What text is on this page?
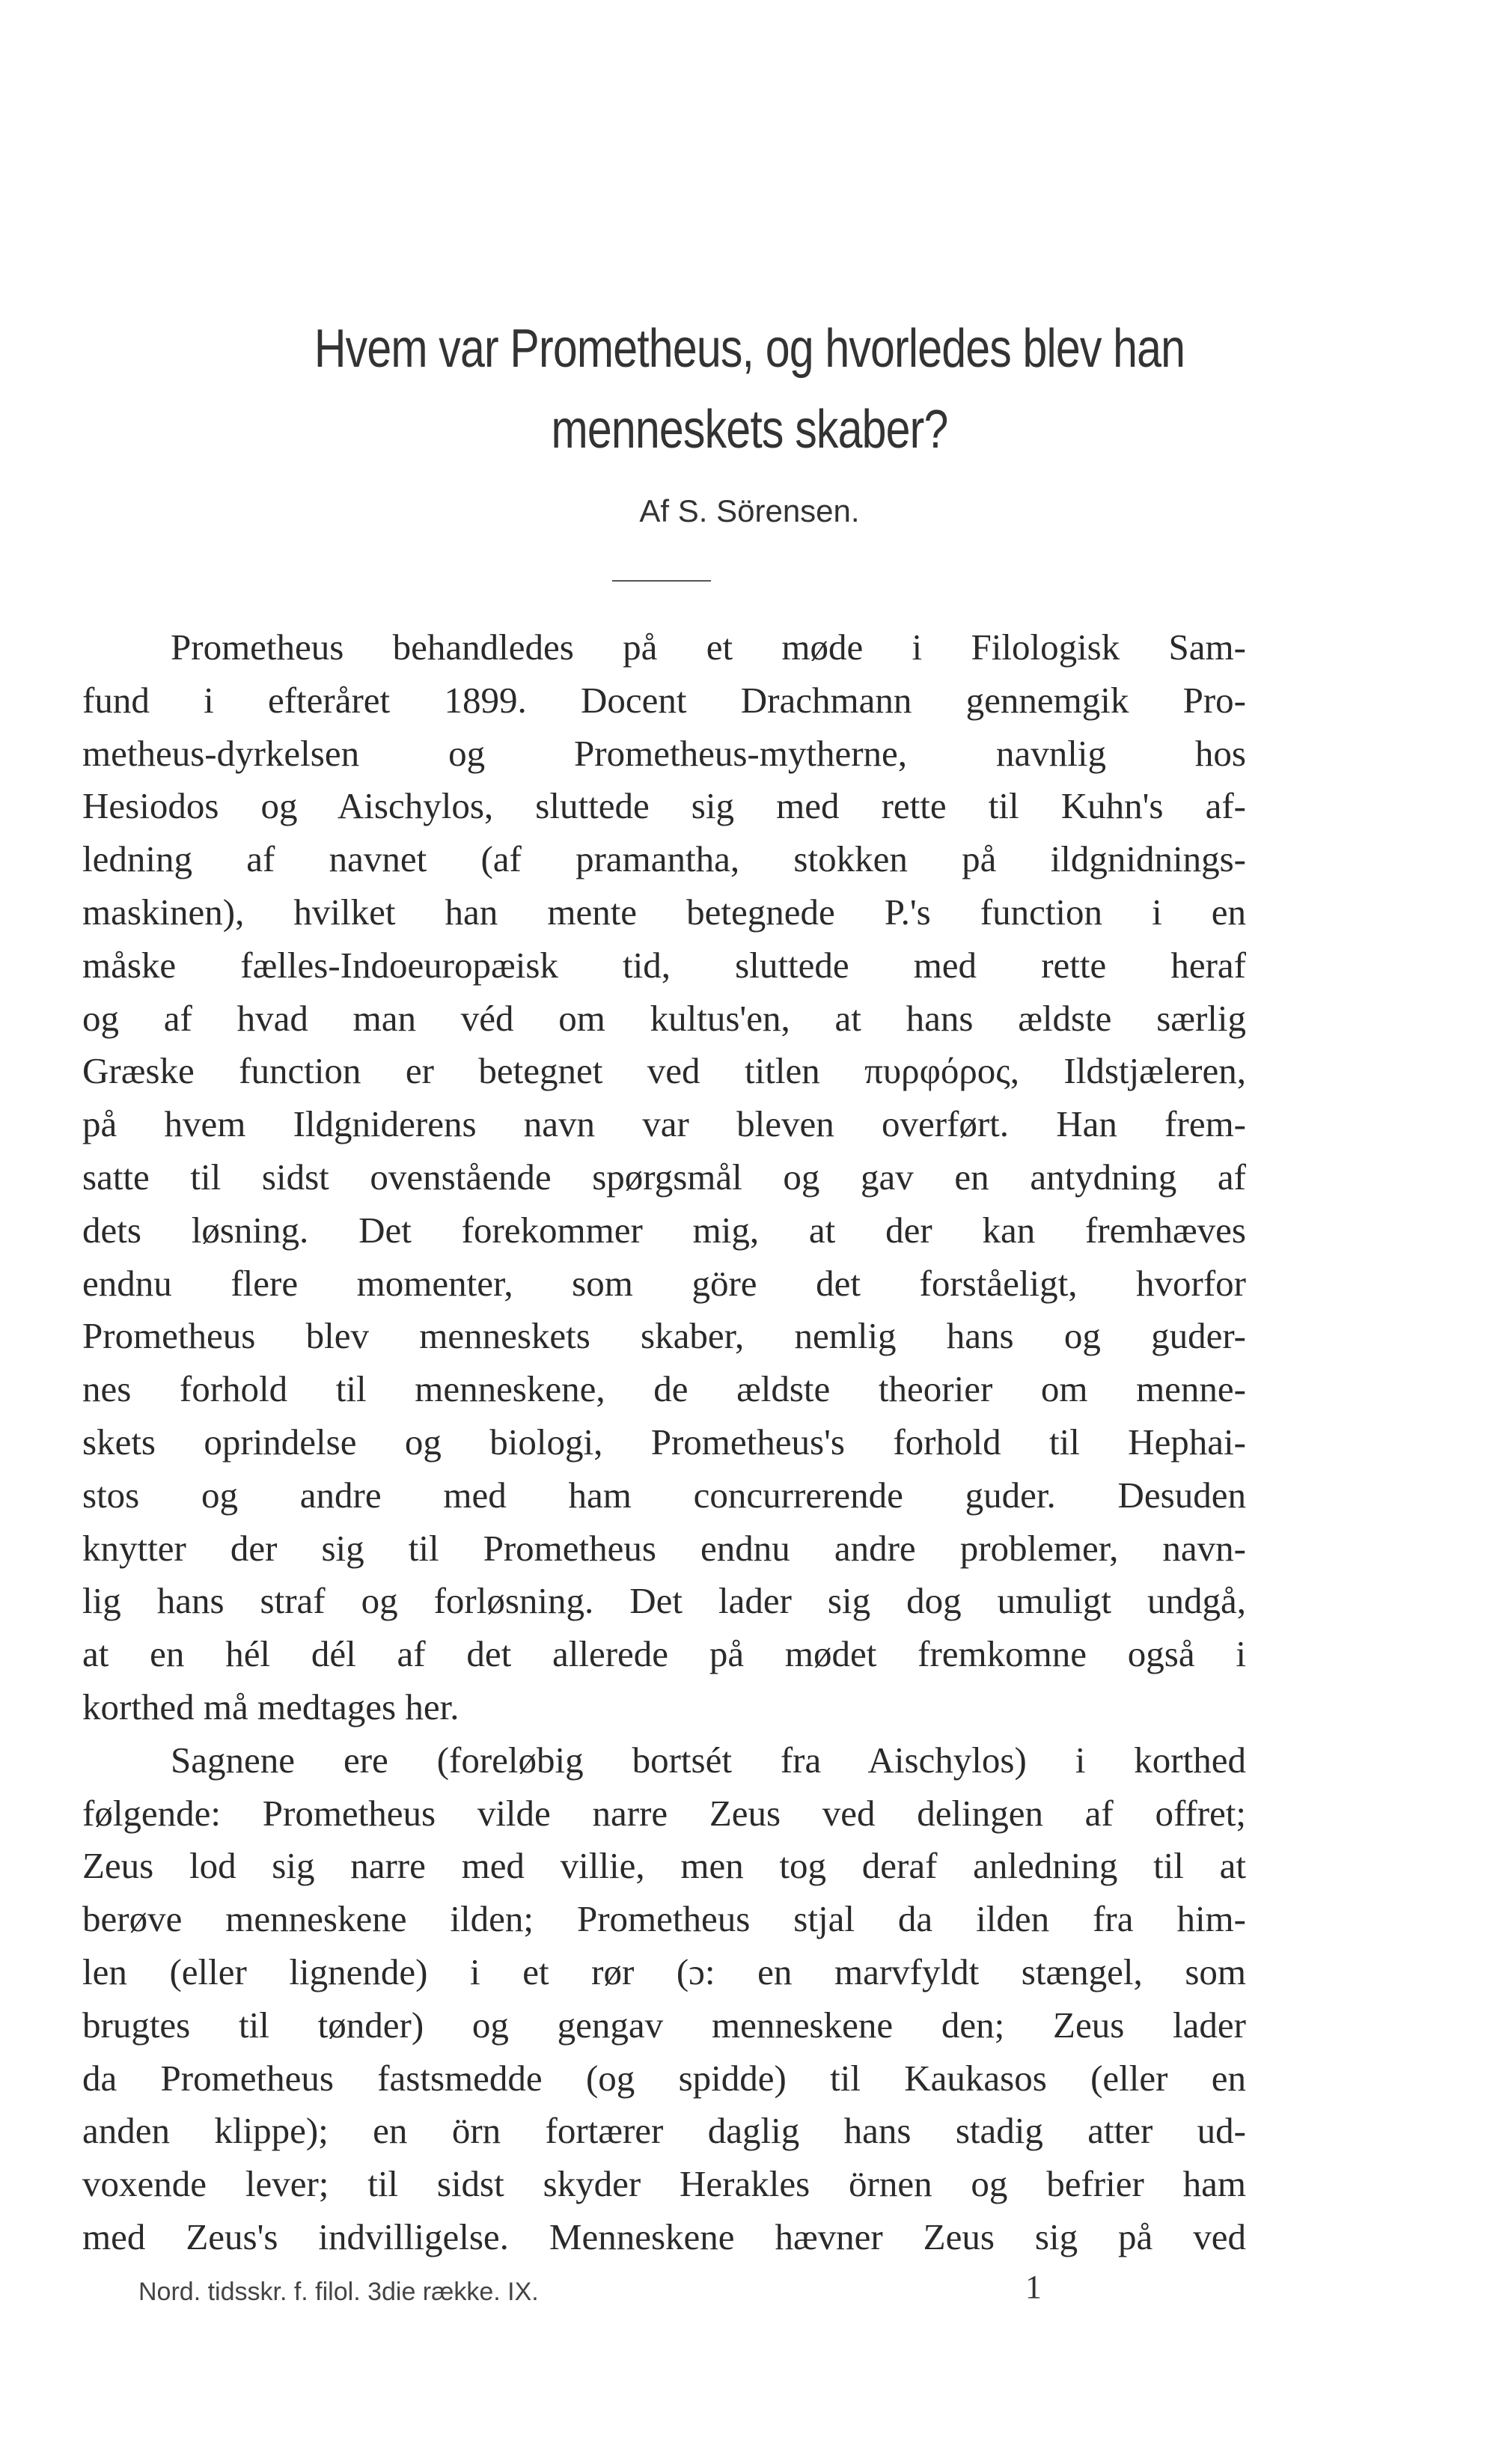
Hvem var Prometheus, og hvorledes blev han
menneskets skaber?
Af S. Sörensen.
Prometheus behandledes på et møde i Filologisk Sam-
fund i efteråret 1899. Docent Drachmann gennemgik Pro-
metheus-dyrkelsen og Prometheus-mytherne, navnlig hos
Hesiodos og Aischylos, sluttede sig med rette til Kuhn's af-
ledning af navnet (af pramantha, stokken på ildgnidnings-
maskinen), hvilket han mente betegnede P.'s function i en
måske fælles-Indoeuropæisk tid, sluttede med rette heraf
og af hvad man véd om kultus'en, at hans ældste særlig
Græske function er betegnet ved titlen πυρφόρος, Ildstjæleren,
på hvem Ildgniderens navn var bleven overført. Han frem-
satte til sidst ovenstående spørgsmål og gav en antydning af
dets løsning. Det forekommer mig, at der kan fremhæves
endnu flere momenter, som göre det forståeligt, hvorfor
Prometheus blev menneskets skaber, nemlig hans og guder-
nes forhold til menneskene, de ældste theorier om menne-
skets oprindelse og biologi, Prometheus's forhold til Hephai-
stos og andre med ham concurrerende guder. Desuden
knytter der sig til Prometheus endnu andre problemer, navn-
lig hans straf og forløsning. Det lader sig dog umuligt undgå,
at en hél dél af det allerede på mødet fremkomne også i
korthed må medtages her.
Sagnene ere (foreløbig bortsét fra Aischylos) i korthed
følgende: Prometheus vilde narre Zeus ved delingen af offret;
Zeus lod sig narre med villie, men tog deraf anledning til at
berøve menneskene ilden; Prometheus stjal da ilden fra him-
len (eller lignende) i et rør (ɔ: en marvfyldt stængel, som
brugtes til tønder) og gengav menneskene den; Zeus lader
da Prometheus fastsmedde (og spidde) til Kaukasos (eller en
anden klippe); en örn fortærer daglig hans stadig atter ud-
voxende lever; til sidst skyder Herakles örnen og befrier ham
med Zeus's indvilligelse. Menneskene hævner Zeus sig på ved
Nord. tidsskr. f. filol. 3die række. IX.	1
